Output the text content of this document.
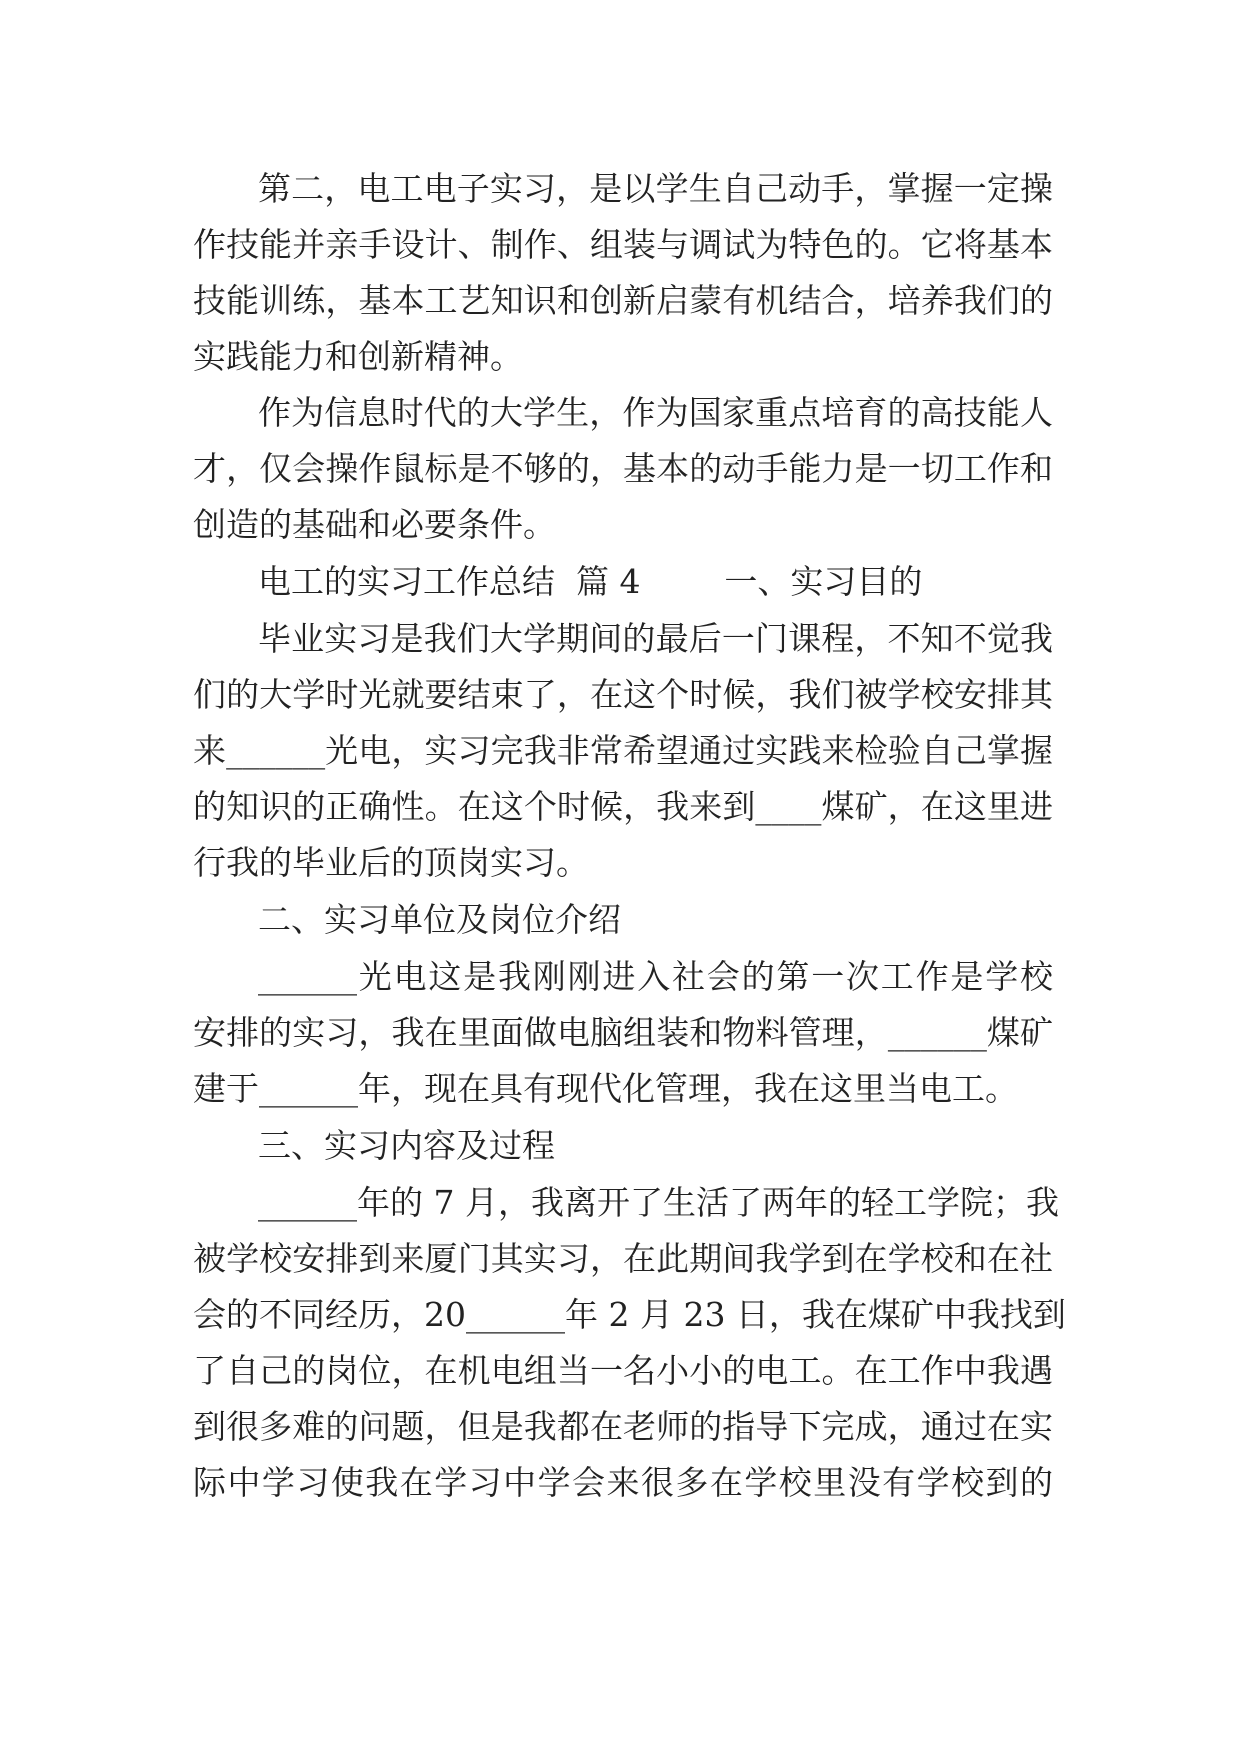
第二，电工电子实习，是以学生自己动手，掌握一定操
作技能并亲手设计、制作、组装与调试为特色的。它将基本
技能训练，基本工艺知识和创新启蒙有机结合，培养我们的
实践能力和创新精神。
作为信息时代的大学生，作为国家重点培育的高技能人
才，仅会操作鼠标是不够的，基本的动手能力是一切工作和
创造的基础和必要条件。
电工的实习工作总结  篇 4        一、实习目的
毕业实习是我们大学期间的最后一门课程，不知不觉我
们的大学时光就要结束了，在这个时候，我们被学校安排其
来______光电，实习完我非常希望通过实践来检验自己掌握
的知识的正确性。在这个时候，我来到____煤矿，在这里进
行我的毕业后的顶岗实习。
二、实习单位及岗位介绍
______光电这是我刚刚进入社会的第一次工作是学校
安排的实习，我在里面做电脑组装和物料管理，______煤矿
建于______年，现在具有现代化管理，我在这里当电工。
三、实习内容及过程
______年的 7 月，我离开了生活了两年的轻工学院；我
被学校安排到来厦门其实习，在此期间我学到在学校和在社
会的不同经历，20______年 2 月 23 日，我在煤矿中我找到
了自己的岗位，在机电组当一名小小的电工。在工作中我遇
到很多难的问题，但是我都在老师的指导下完成，通过在实
际中学习使我在学习中学会来很多在学校里没有学校到的
